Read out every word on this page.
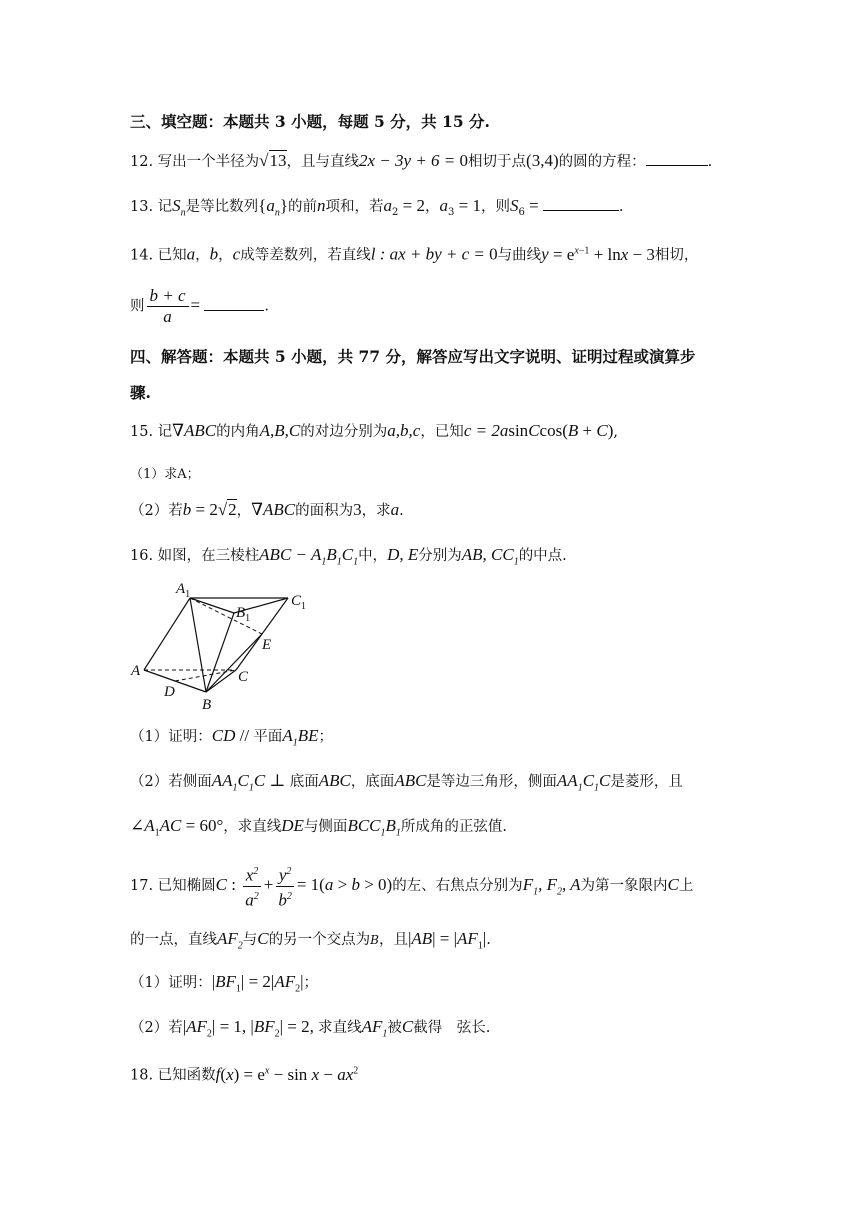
三、填空题：本题共 3 小题，每题 5 分，共 15 分.
12. 写出一个半径为√13，且与直线2x − 3y + 6 = 0相切于点(3,4)的圆的方程：	.
13. 记$S_n$是等比数列$\{a_n\}$的前n项和，若$a_2 = 2$，$a_3 = 1$，则$S_6$ =	.
14. 已知a，b，c成等差数列，若直线l : ax + by + c = 0与曲线$y = e^{x-1} + \ln x - 3$相切，
则 $\frac{b + c}{a}$ =	.
四、解答题：本题共 5 小题，共 77 分，解答应写出文字说明、证明过程或演算步
骤.
15. 记∇ABC的内角A,B,C的对边分别为a,b,c，已知c = 2asinCcos(B + C),
（1）求A；
（2）若b = 2√2，∇ABC的面积为3，求a.
16. 如图，在三棱柱ABC − $A_1B_1C_1$中，D, E分别为AB, $CC_1$的中点.
$A_1$
$B_1$
$C_1$
E
A	C
D
B
（1）证明：CD // 平面$A_1BE$；
（2）若侧面$AA_1C_1C$ ⊥ 底面ABC，底面ABC是等边三角形，侧面$AA_1C_1C$是菱形，且
$\angle A_1AC = 60^\circ$，求直线DE与侧面$BCC_1B_1$所成角的正弦值.
17. 已知椭圆C : $\frac{x^2}{a^2} + \frac{y^2}{b^2} = 1(a > b > 0)$的左、右焦点分别为$F_1$, $F_2$, A为第一象限内C上
的一点，直线$AF_2$与C的另一个交点为B，且$|AB| = |AF_1|$.
（1）证明：$|BF_1| = 2|AF_2|$；
（2）若$|AF_2| = 1$, $|BF_2| = 2$, 求直线$AF_1$被C截得　弦长.
18. 已知函数$f(x) = e^x - \sin x - ax^2$
